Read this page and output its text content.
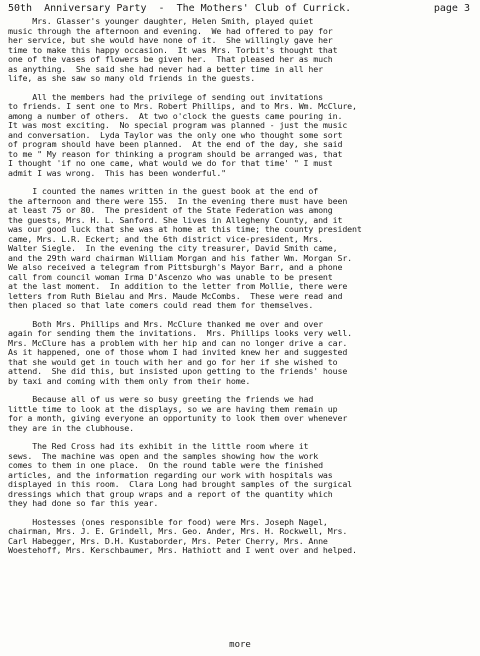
50th  Anniversary Party  -  The Mothers' Club of Currick.

	page 3

Mrs. Glasser's younger daughter, Helen Smith, played quiet
music through the afternoon and evening.  We had offered to pay for
her service, but she would have none of it.  She willingly gave her
time to make this happy occasion.  It was Mrs. Torbit's thought that
one of the vases of flowers be given her.  That pleased her as much
as anything.  She said she had never had a better time in all her
life, as she saw so many old friends in the guests.
All the members had the privilege of sending out invitations
to friends. I sent one to Mrs. Robert Phillips, and to Mrs. Wm. McClure,
among a number of others.  At two o'clock the guests came pouring in.
It was most exciting.  No special program was planned - just the music
and conversation.  Lyda Taylor was the only one who thought some sort
of program should have been planned.  At the end of the day, she said
to me " My reason for thinking a program should be arranged was, that
I thought 'if no one came, what would we do for that time' " I must
admit I was wrong.  This has been wonderful."
I counted the names written in the guest book at the end of
the afternoon and there were 155.  In the evening there must have been
at least 75 or 80.  The president of the State Federation was among
the guests, Mrs. H. L. Sanford. She lives in Allegheny County, and it
was our good luck that she was at home at this time; the county president
came, Mrs. L.R. Eckert; and the 6th district vice-president, Mrs.
Walter Siegle.  In the evening the city treasurer, David Smith came,
and the 29th ward chairman William Morgan and his father Wm. Morgan Sr.
We also received a telegram from Pittsburgh's Mayor Barr, and a phone
call from council woman Irma D'Ascenzo who was unable to be present
at the last moment.  In addition to the letter from Mollie, there were
letters from Ruth Bielau and Mrs. Maude McCombs.  These were read and
then placed so that late comers could read them for themselves.
Both Mrs. Phillips and Mrs. McClure thanked me over and over
again for sending them the invitations.  Mrs. Phillips looks very well.
Mrs. McClure has a problem with her hip and can no longer drive a car.
As it happened, one of those whom I had invited knew her and suggested
that she would get in touch with her and go for her if she wished to
attend.  She did this, but insisted upon getting to the friends' house
by taxi and coming with them only from their home.
Because all of us were so busy greeting the friends we had
little time to look at the displays, so we are having them remain up
for a month, giving everyone an opportunity to look them over whenever
they are in the clubhouse.
The Red Cross had its exhibit in the little room where it
sews.  The machine was open and the samples showing how the work
comes to them in one place.  On the round table were the finished
articles, and the information regarding our work with hospitals was
displayed in this room.  Clara Long had brought samples of the surgical
dressings which that group wraps and a report of the quantity which
they had done so far this year.
Hostesses (ones responsible for food) were Mrs. Joseph Nagel,
chairman, Mrs. J. E. Grindell, Mrs. Geo. Ander, Mrs. H. Rockwell, Mrs.
Carl Habegger, Mrs. D.H. Kustaborder, Mrs. Peter Cherry, Mrs. Anne
Woestehoff, Mrs. Kerschbaumer, Mrs. Hathiott and I went over and helped.
more
